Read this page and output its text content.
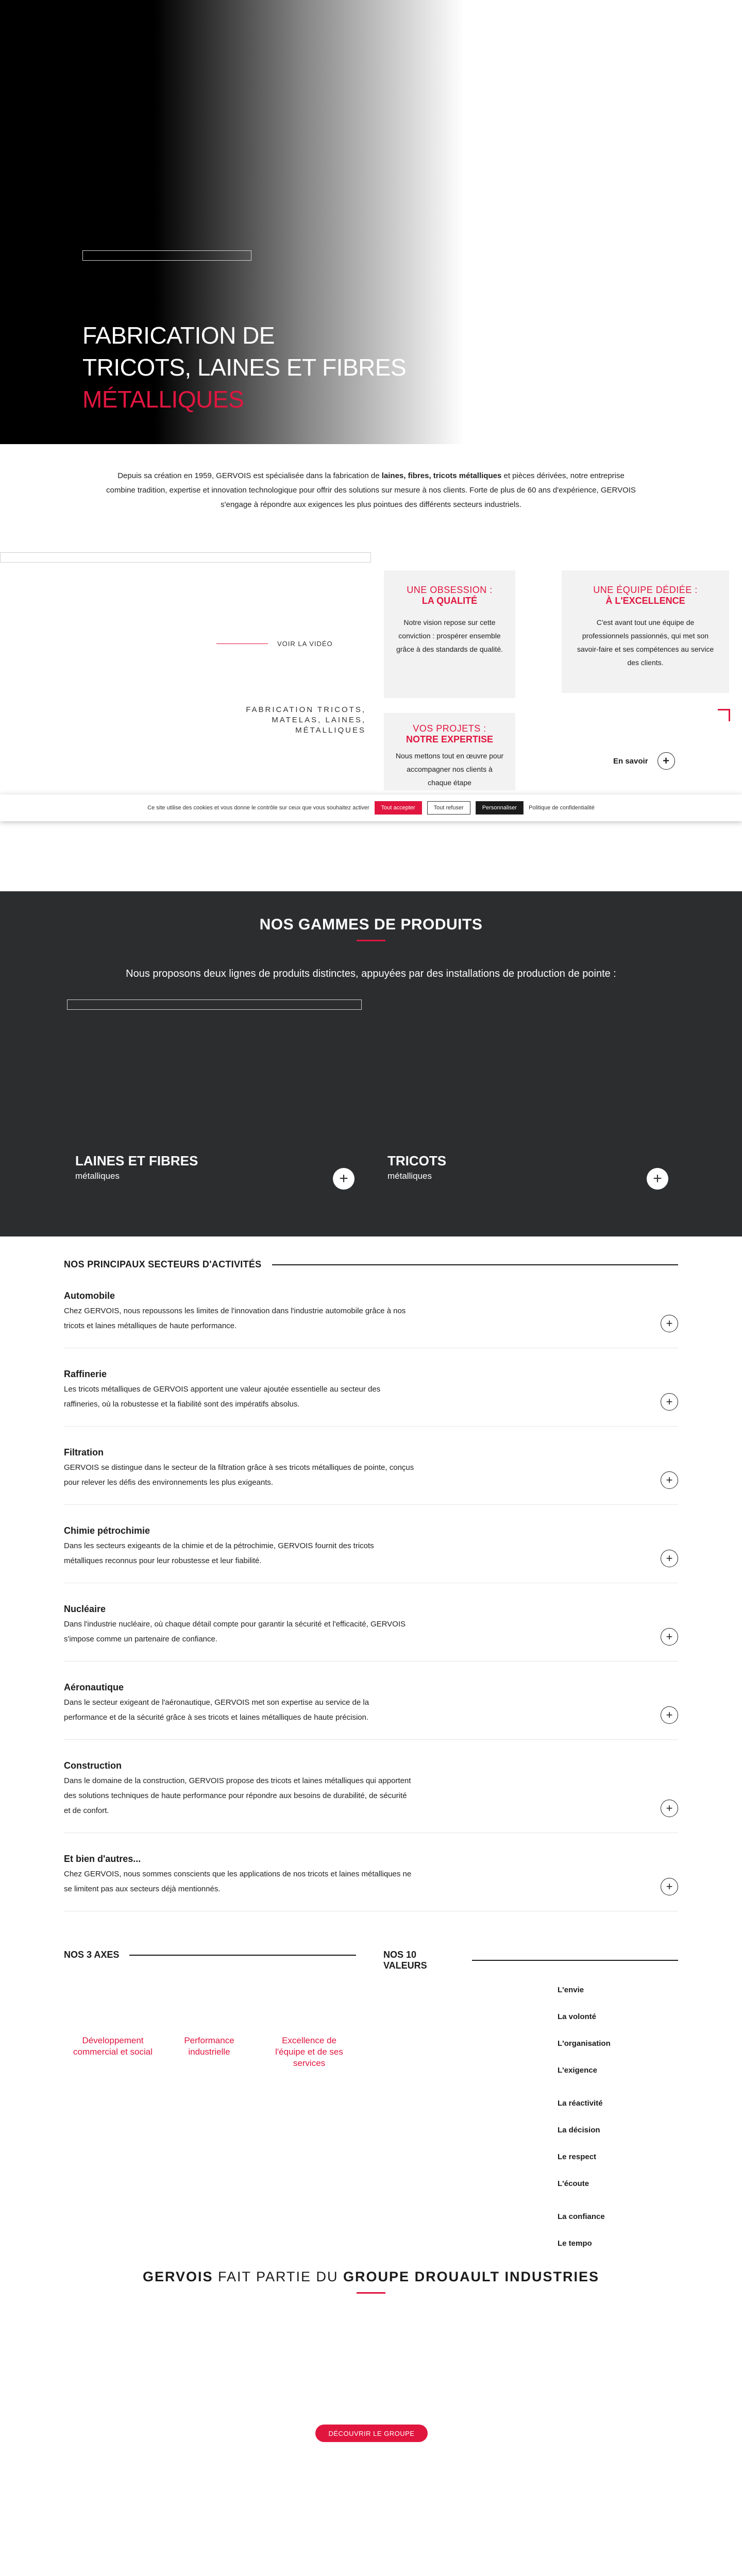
FABRICATION DE
TRICOTS, LAINES ET FIBRES
MÉTALLIQUES
Depuis sa création en 1959, GERVOIS est spécialisée dans la fabrication de laines, fibres, tricots métalliques et pièces dérivées, notre entreprise combine tradition, expertise et innovation technologique pour offrir des solutions sur mesure à nos clients. Forte de plus de 60 ans d'expérience, GERVOIS s'engage à répondre aux exigences les plus pointues des différents secteurs industriels.
VOIR LA VIDÉO
FABRICATION TRICOTS, MATELAS, LAINES, MÉTALLIQUES
UNE OBSESSION :
LA QUALITÉ

Notre vision repose sur cette conviction : prospérer ensemble grâce à des standards de qualité.

UNE ÉQUIPE DÉDIÉE :
À L'EXCELLENCE

C'est avant tout une équipe de professionnels passionnés, qui met son savoir-faire et ses compétences au service des clients.

VOS PROJETS :
NOTRE EXPERTISE

Nous mettons tout en œuvre pour accompagner nos clients à chaque étape

En savoir	+
Ce site utilise des cookies et vous donne le contrôle sur ceux que vous souhaitez activer	Tout accepter	Tout refuser	Personnaliser	Politique de confidentialité
NOS GAMMES DE PRODUITS
Nous proposons deux lignes de produits distinctes, appuyées par des installations de production de pointe :
LAINES ET FIBRES
métalliques	+
TRICOTS
métalliques	+
NOS PRINCIPAUX SECTEURS D'ACTIVITÉS
Automobile

Chez GERVOIS, nous repoussons les limites de l'innovation dans l'industrie automobile grâce à nos tricots et laines métalliques de haute performance.	+
Raffinerie

Les tricots métalliques de GERVOIS apportent une valeur ajoutée essentielle au secteur des raffineries, où la robustesse et la fiabilité sont des impératifs absolus.	+
Filtration

GERVOIS se distingue dans le secteur de la filtration grâce à ses tricots métalliques de pointe, conçus pour relever les défis des environnements les plus exigeants.	+
Chimie pétrochimie

Dans les secteurs exigeants de la chimie et de la pétrochimie, GERVOIS fournit des tricots métalliques reconnus pour leur robustesse et leur fiabilité.	+
Nucléaire

Dans l'industrie nucléaire, où chaque détail compte pour garantir la sécurité et l'efficacité, GERVOIS s'impose comme un partenaire de confiance.	+
Aéronautique

Dans le secteur exigeant de l'aéronautique, GERVOIS met son expertise au service de la performance et de la sécurité grâce à ses tricots et laines métalliques de haute précision.	+
Construction

Dans le domaine de la construction, GERVOIS propose des tricots et laines métalliques qui apportent des solutions techniques de haute performance pour répondre aux besoins de durabilité, de sécurité et de confort.	+
Et bien d'autres...

Chez GERVOIS, nous sommes conscients que les applications de nos tricots et laines métalliques ne se limitent pas aux secteurs déjà mentionnés.	+
NOS 3 AXES	NOS 10 VALEURS
Développement commercial et social
Performance industrielle
Excellence de l'équipe et de ses services
L'envie
La volonté
L'organisation
L'exigence
La réactivité
La décision
Le respect
L'écoute
La confiance
Le tempo
GERVOIS FAIT PARTIE DU GROUPE DROUAULT INDUSTRIES
DÉCOUVRIR LE GROUPE
